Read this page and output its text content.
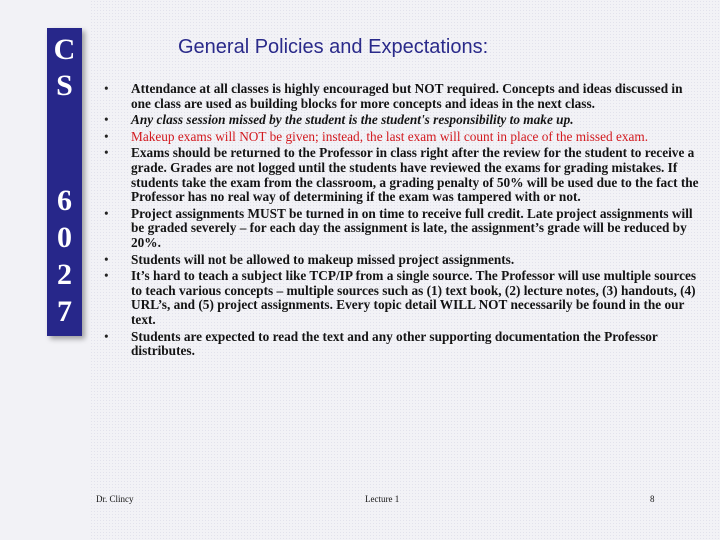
C
S
6
0
2
7
General Policies and Expectations:
• Attendance at all classes is highly encouraged but NOT required. Concepts and ideas discussed in one class are used as building blocks for more concepts and ideas in the next class.
• Any class session missed by the student is the student's responsibility to make up.
• Makeup exams will NOT be given; instead, the last exam will count in place of the missed exam.
• Exams should be returned to the Professor in class right after the review for the student to receive a grade. Grades are not logged until the students have reviewed the exams for grading mistakes. If students take the exam from the classroom, a grading penalty of 50% will be used due to the fact the Professor has no real way of determining if the exam was tampered with or not.
• Project assignments MUST be turned in on time to receive full credit. Late project assignments will be graded severely – for each day the assignment is late, the assignment’s grade will be reduced by 20%.
• Students will not be allowed to makeup missed project assignments.
• It’s hard to teach a subject like TCP/IP from a single source. The Professor will use multiple sources to teach various concepts – multiple sources such as (1) text book, (2) lecture notes, (3) handouts, (4) URL’s, and (5) project assignments. Every topic detail WILL NOT necessarily be found in the our text.
• Students are expected to read the text and any other supporting documentation the Professor distributes.
Dr. Clincy	Lecture 1	8
